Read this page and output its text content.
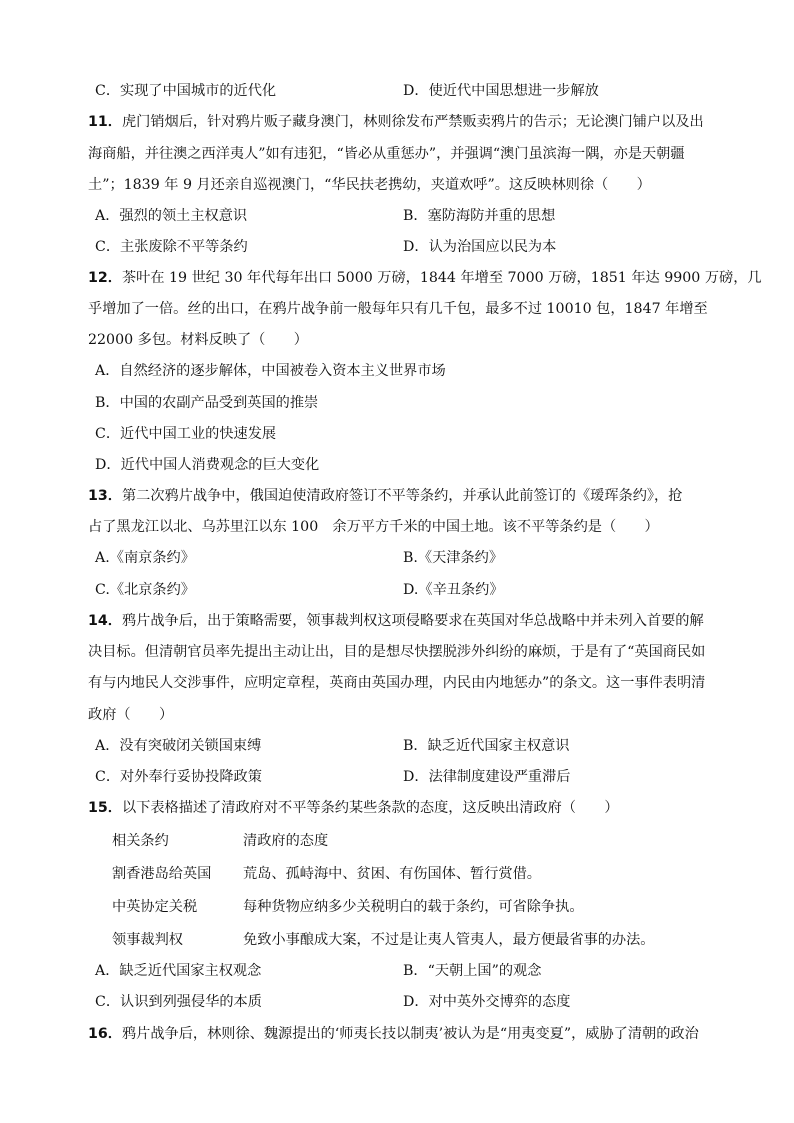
C．实现了中国城市的近代化	D．使近代中国思想进一步解放
11．虎门销烟后，针对鸦片贩子藏身澳门，林则徐发布严禁贩卖鸦片的告示；无论澳门铺户以及出
海商船，并往澳之西洋夷人”如有违犯，“皆必从重惩办”，并强调“澳门虽滨海一隅，亦是天朝疆
土”；1839 年 9 月还亲自巡视澳门，“华民扶老携幼，夹道欢呼”。这反映林则徐（　　）
A．强烈的领土主权意识	B．塞防海防并重的思想
C．主张废除不平等条约	D．认为治国应以民为本
12．茶叶在 19 世纪 30 年代每年出口 5000 万磅，1844 年增至 7000 万磅，1851 年达 9900 万磅，几
乎增加了一倍。丝的出口，在鸦片战争前一般每年只有几千包，最多不过 10010 包，1847 年增至
22000 多包。材料反映了（　　）
A．自然经济的逐步解体，中国被卷入资本主义世界市场
B．中国的农副产品受到英国的推崇
C．近代中国工业的快速发展
D．近代中国人消费观念的巨大变化
13．第二次鸦片战争中，俄国迫使清政府签订不平等条约，并承认此前签订的《瑷珲条约》，抢
占了黑龙江以北、乌苏里江以东 100　余万平方千米的中国土地。该不平等条约是（　　）
A.《南京条约》	B.《天津条约》
C.《北京条约》	D.《辛丑条约》
14．鸦片战争后，出于策略需要，领事裁判权这项侵略要求在英国对华总战略中并未列入首要的解
决目标。但清朝官员率先提出主动让出，目的是想尽快摆脱涉外纠纷的麻烦，于是有了“英国商民如
有与内地民人交涉事件，应明定章程，英商由英国办理，内民由内地惩办”的条文。这一事件表明清
政府（　　）
A．没有突破闭关锁国束缚	B．缺乏近代国家主权意识
C．对外奉行妥协投降政策	D．法律制度建设严重滞后
15．以下表格描述了清政府对不平等条约某些条款的态度，这反映出清政府（　　）
相关条约	清政府的态度
割香港岛给英国 荒岛、孤峙海中、贫困、有伤国体、暂行赏借。
中英协定关税	每种货物应纳多少关税明白的载于条约，可省除争执。
领事裁判权	免致小事酿成大案，不过是让夷人管夷人，最方便最省事的办法。
A．缺乏近代国家主权观念	B．“天朝上国”的观念
C．认识到列强侵华的本质	D．对中英外交博弈的态度
16．鸦片战争后，林则徐、魏源提出的‘师夷长技以制夷’被认为是“用夷变夏”，威胁了清朝的政治
